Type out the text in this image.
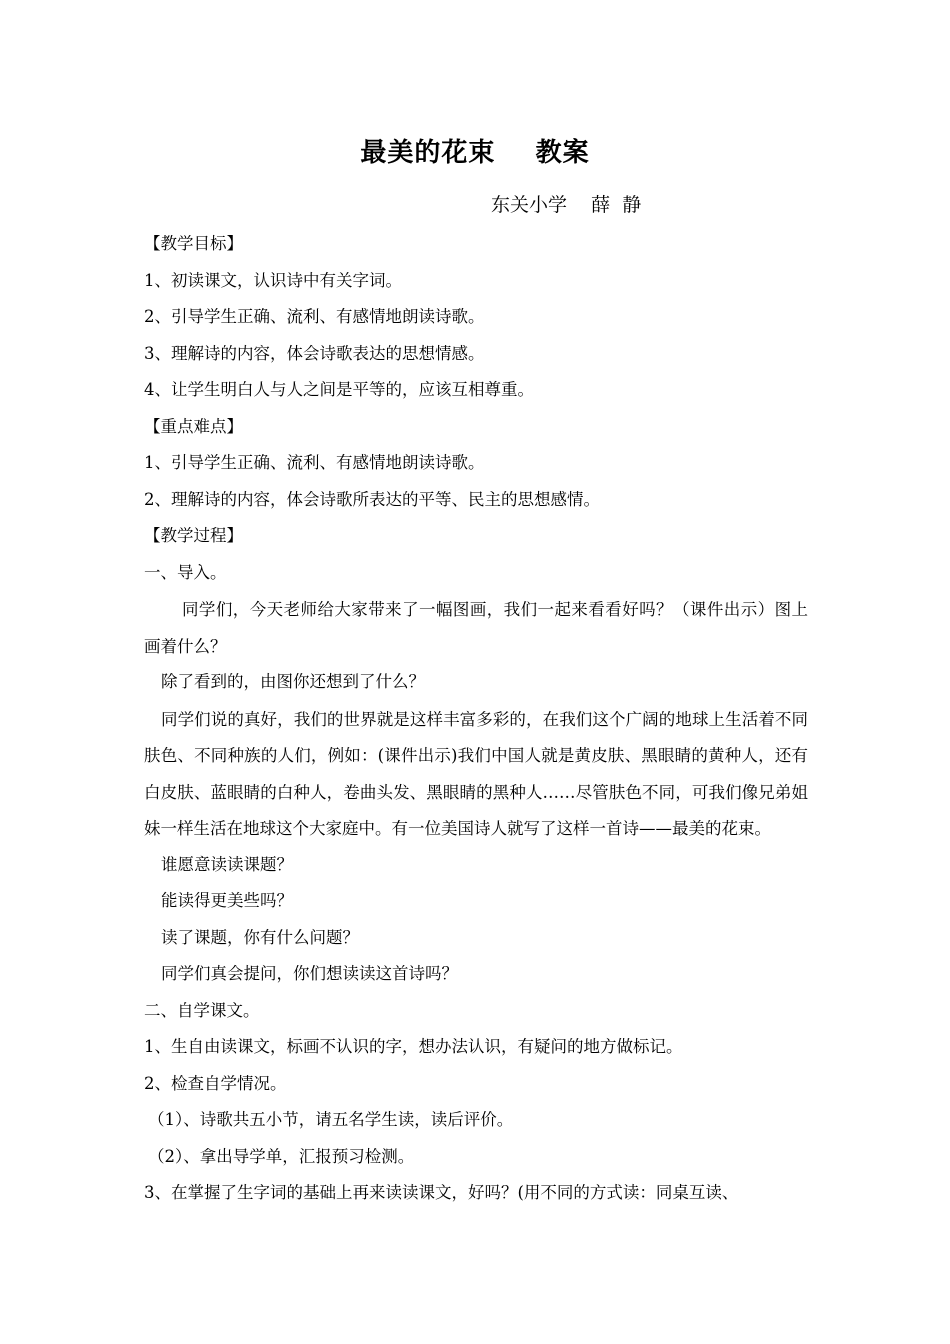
最美的花束    教案
东关小学    薛  静

【教学目标】

1、初读课文，认识诗中有关字词。

2、引导学生正确、流利、有感情地朗读诗歌。

3、理解诗的内容，体会诗歌表达的思想情感。

4、让学生明白人与人之间是平等的，应该互相尊重。

【重点难点】

1、引导学生正确、流利、有感情地朗读诗歌。

2、理解诗的内容，体会诗歌所表达的平等、民主的思想感情。

【教学过程】

一、导入。

同学们，今天老师给大家带来了一幅图画，我们一起来看看好吗？（课件出示）图上画着什么？

除了看到的，由图你还想到了什么？

同学们说的真好，我们的世界就是这样丰富多彩的，在我们这个广阔的地球上生活着不同肤色、不同种族的人们，例如：(课件出示)我们中国人就是黄皮肤、黑眼睛的黄种人，还有白皮肤、蓝眼睛的白种人，卷曲头发、黑眼睛的黑种人……尽管肤色不同，可我们像兄弟姐妹一样生活在地球这个大家庭中。有一位美国诗人就写了这样一首诗——最美的花束。

谁愿意读读课题？

能读得更美些吗？

读了课题，你有什么问题？

同学们真会提问，你们想读读这首诗吗？

二、自学课文。

1、生自由读课文，标画不认识的字，想办法认识，有疑问的地方做标记。

2、检查自学情况。

（1）、诗歌共五小节，请五名学生读，读后评价。

（2）、拿出导学单，汇报预习检测。

3、在掌握了生字词的基础上再来读读课文，好吗？(用不同的方式读：同桌互读、
